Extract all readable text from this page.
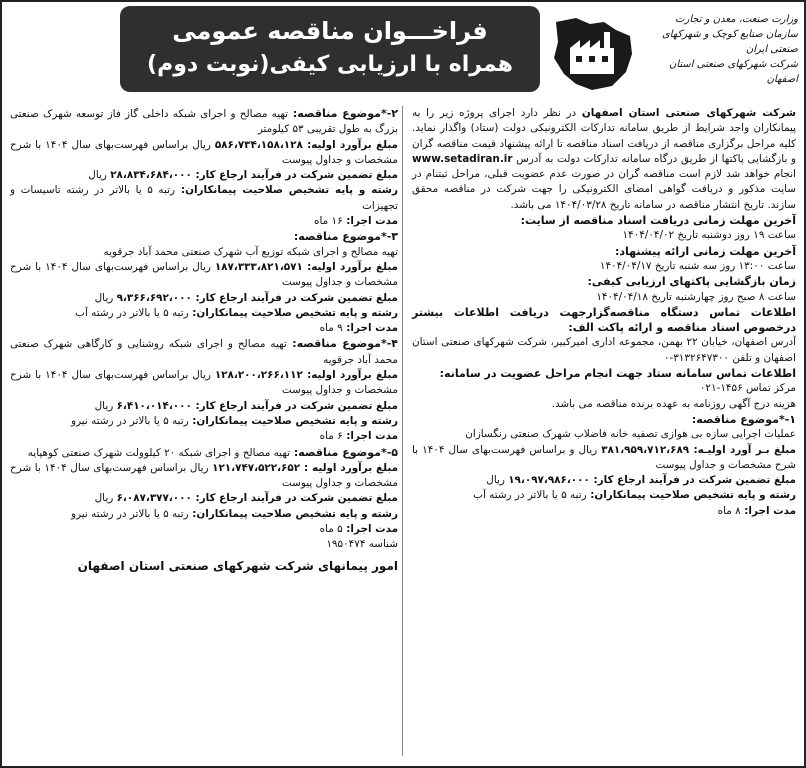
فراخـــوان مناقصه عمومی
همراه با ارزیابی کیفی(نوبت دوم)
وزارت صنعت، معدن و تجارت
سازمان صنایع کوچک و شهرکهای صنعتی ایران
شرکت شهرکهای صنعتی استان اصفهان

شرکت شهرکهای صنعتی استان اصفهان در نظر دارد اجرای پروژه زیر را به پیمانکاران واجد شرایط از طریق سامانه تدارکات الکترونیکی دولت (ستاد) واگذار نماید. کلیه مراحل برگزاری مناقصه از دریافت اسناد مناقصه تا ارائه پیشنهاد قیمت مناقصه گران و بازگشایی پاکتها از طریق درگاه سامانه تدارکات دولت به آدرس www.setadiran.ir انجام خواهد شد لازم است مناقصه گران در صورت عدم عضویت قبلی، مراحل ثبتنام در سایت مذکور و دریافت گواهی امضای الکترونیکی را جهت شرکت در مناقصه محقق سازند. تاریخ انتشار مناقصه در سامانه تاریخ ۱۴۰۴/۰۳/۲۸ می باشد.

آخرین مهلت زمانی دریافت اسناد مناقصه از سایت:
ساعت ۱۹ روز دوشنبه تاریخ ۱۴۰۴/۰۴/۰۲
آخرین مهلت زمانی ارائه پیشنهاد:
ساعت ۱۳:۰۰ روز سه شنبه تاریخ ۱۴۰۴/۰۴/۱۷
زمان بازگشایی پاکتهای ارزیابی کیفی:
ساعت ۸ صبح روز چهارشنبه تاریخ ۱۴۰۴/۰۴/۱۸
اطلاعات تماس دستگاه مناقصه‌گزارجهت دریافت اطلاعات بیشتر درخصوص اسناد مناقصه و ارائه پاکت الف:
آدرس اصفهان، خیابان ۲۲ بهمن، مجموعه اداری امیرکبیر، شرکت شهرکهای صنعتی استان اصفهان و تلفن ۳۱۳۲۶۴۷۳۰۰-۰
اطلاعات تماس سامانه ستاد جهت انجام مراحل عضویت در سامانه:
مرکز تماس ۱۴۵۶-۰۲۱
هزینه درج آگهی روزنامه به عهده برنده مناقصه می باشد.
۱-*موضوع مناقصه:
عملیات اجرایی سازه بی هوازی تصفیه خانه فاضلاب شهرک صنعتی رنگسازان
مبلغ بـر آورد اولیـه: ۳۸۱،۹۵۹،۷۱۲،۶۸۹ ریال و براساس فهرست‌بهای سال ۱۴۰۴ با شرح مشخصات و جداول پیوست
مبلغ تضمین شرکت در فرآیند ارجاع کار: ۱۹،۰۹۷،۹۸۶،۰۰۰ ریال
رشته و پایه تشخیص صلاحیت پیمانکاران: رتبه ۵ یا بالاتر در رشته آب
مدت اجرا: ۸ ماه
۲-*موضوع مناقصه: تهیه مصالح و اجرای شبکه داخلی گاز فاز توسعه شهرک صنعتی بزرگ به طول تقریبی ۵۳ کیلومتر
مبلغ برآورد اولیه: ۵۸۶،۷۳۴،۱۵۸،۱۲۸ ریال براساس فهرست‌بهای سال ۱۴۰۴ با شرح مشخصات و جداول پیوست
مبلغ تضمین شرکت در فرآیند ارجاع کار: ۲۸،۸۳۴،۶۸۴،۰۰۰ ریال
رشته و پایه تشخیص صلاحیت پیمانکاران: رتبه ۵ یا بالاتر در رشته تاسیسات و تجهیزات
مدت اجرا: ۱۶ ماه
۳-*موضوع مناقصه:
تهیه مصالح و اجرای شبکه توزیع آب شهرک صنعتی محمد آباد جرقویه
مبلغ برآورد اولیه: ۱۸۷،۳۳۳،۸۲۱،۵۷۱ ریال براساس فهرست‌بهای سال ۱۴۰۴ با شرح مشخصات و جداول پیوست
مبلغ تضمین شرکت در فرآیند ارجاع کار: ۹،۳۶۶،۶۹۲،۰۰۰ ریال
رشته و پایه تشخیص صلاحیت پیمانکاران: رتبه ۵ یا بالاتر در رشته آب
مدت اجرا: ۹ ماه
۴-*موضوع مناقصه: تهیه مصالح و اجرای شبکه روشنایی و کارگاهی شهرک صنعتی محمد آباد جرقویه
مبلغ برآورد اولیه: ۱۲۸،۲۰۰،۲۶۶،۱۱۲ ریال براساس فهرست‌بهای سال ۱۴۰۴ با شرح مشخصات و جداول پیوست
مبلغ تضمین شرکت در فرآیند ارجاع کار: ۶،۴۱۰،۰۱۴،۰۰۰ ریال
رشته و پایه تشخیص صلاحیت پیمانکاران: رتبه ۵ یا بالاتر در رشته نیرو
مدت اجرا: ۶ ماه
۵-*موضوع مناقصه: تهیه مصالح و اجرای شبکه ۲۰ کیلوولت شهرک صنعتی کوهپایه
مبلغ برآورد اولیه : ۱۲۱،۷۴۷،۵۲۲،۶۵۲ ریال براساس فهرست‌بهای سال ۱۴۰۴ با شرح مشخصات و جداول پیوست
مبلغ تضمین شرکت در فرآیند ارجاع کار: ۶،۰۸۷،۳۷۷،۰۰۰ ریال
رشته و پایه تشخیص صلاحیت پیمانکاران: رتبه ۵ یا بالاتر در رشته نیرو
مدت اجرا: ۵ ماه
شناسه ۱۹۵۰۴۷۴
امور پیمانهای شرکت شهرکهای صنعتی استان اصفهان
